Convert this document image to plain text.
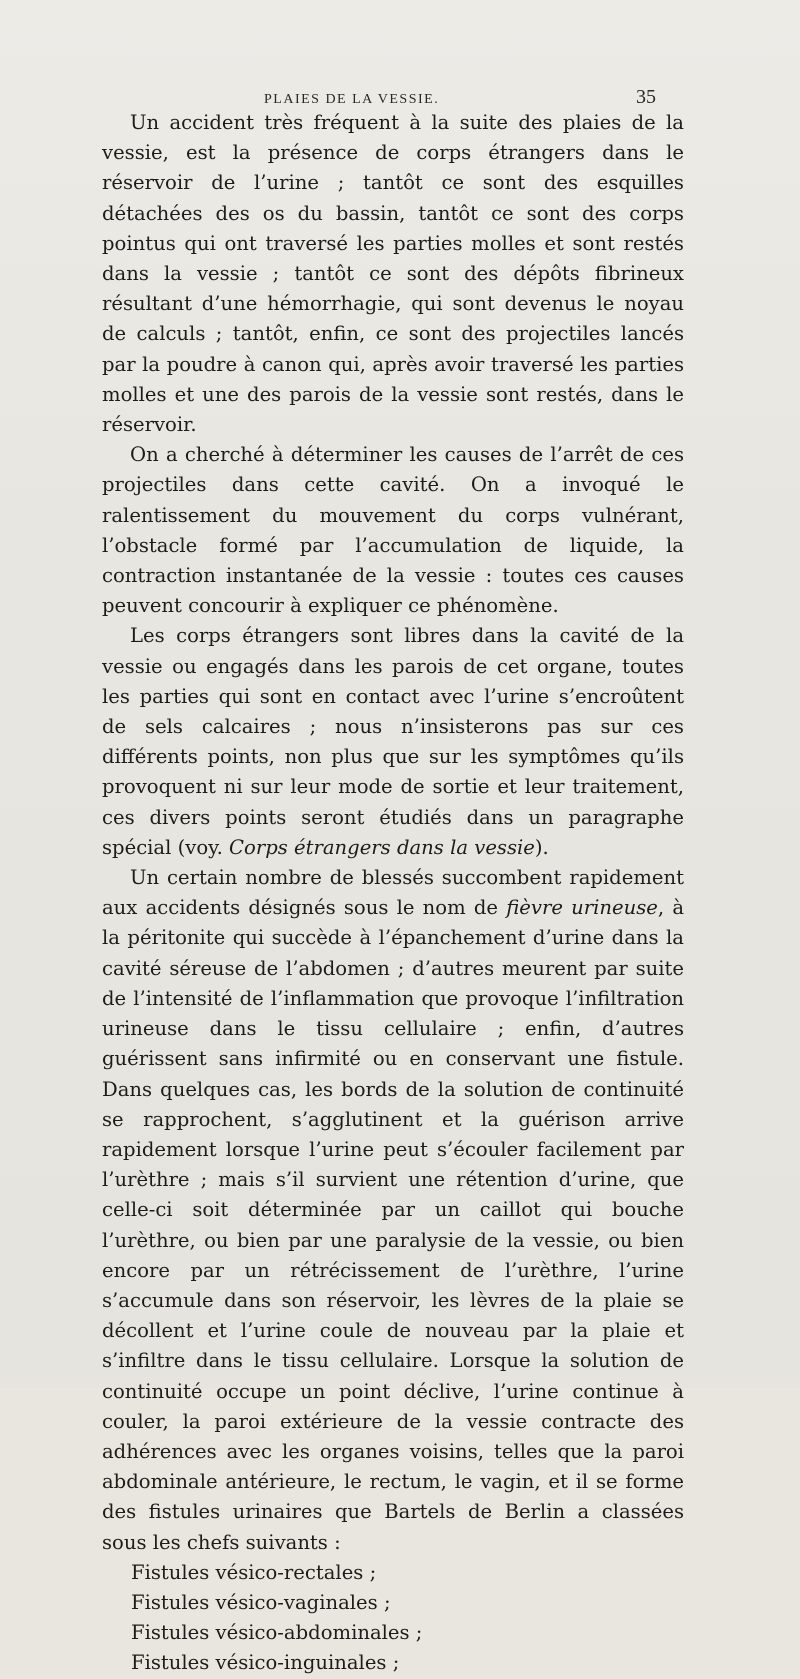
PLAIES DE LA VESSIE.	35

Un accident très fréquent à la suite des plaies de la vessie, est la présence de corps étrangers dans le réservoir de l’urine ; tantôt ce sont des esquilles détachées des os du bassin, tantôt ce sont des corps pointus qui ont traversé les parties molles et sont restés dans la vessie ; tantôt ce sont des dépôts fibrineux résultant d’une hémorrhagie, qui sont devenus le noyau de calculs ; tantôt, enfin, ce sont des projectiles lancés par la poudre à canon qui, après avoir traversé les parties molles et une des parois de la vessie sont restés, dans le réservoir.

On a cherché à déterminer les causes de l’arrêt de ces projectiles dans cette cavité. On a invoqué le ralentissement du mouvement du corps vulnérant, l’obstacle formé par l’accumulation de liquide, la contraction instantanée de la vessie : toutes ces causes peuvent concourir à expliquer ce phénomène.

Les corps étrangers sont libres dans la cavité de la vessie ou engagés dans les parois de cet organe, toutes les parties qui sont en contact avec l’urine s’encroûtent de sels calcaires ; nous n’insisterons pas sur ces différents points, non plus que sur les symptômes qu’ils provoquent ni sur leur mode de sortie et leur traitement, ces divers points seront étudiés dans un paragraphe spécial (voy. Corps étrangers dans la vessie).

Un certain nombre de blessés succombent rapidement aux accidents désignés sous le nom de fièvre urineuse, à la péritonite qui succède à l’épanchement d’urine dans la cavité séreuse de l’abdomen ; d’autres meurent par suite de l’intensité de l’inflammation que provoque l’infiltration urineuse dans le tissu cellulaire ; enfin, d’autres guérissent sans infirmité ou en conservant une fistule. Dans quelques cas, les bords de la solution de continuité se rapprochent, s’agglutinent et la guérison arrive rapidement lorsque l’urine peut s’écouler facilement par l’urèthre ; mais s’il survient une rétention d’urine, que celle-ci soit déterminée par un caillot qui bouche l’urèthre, ou bien par une paralysie de la vessie, ou bien encore par un rétrécissement de l’urèthre, l’urine s’accumule dans son réservoir, les lèvres de la plaie se décollent et l’urine coule de nouveau par la plaie et s’infiltre dans le tissu cellulaire. Lorsque la solution de continuité occupe un point déclive, l’urine continue à couler, la paroi extérieure de la vessie contracte des adhérences avec les organes voisins, telles que la paroi abdominale antérieure, le rectum, le vagin, et il se forme des fistules urinaires que Bartels de Berlin a classées sous les chefs suivants :

Fistules vésico-rectales ;
Fistules vésico-vaginales ;
Fistules vésico-abdominales ;
Fistules vésico-inguinales ;
